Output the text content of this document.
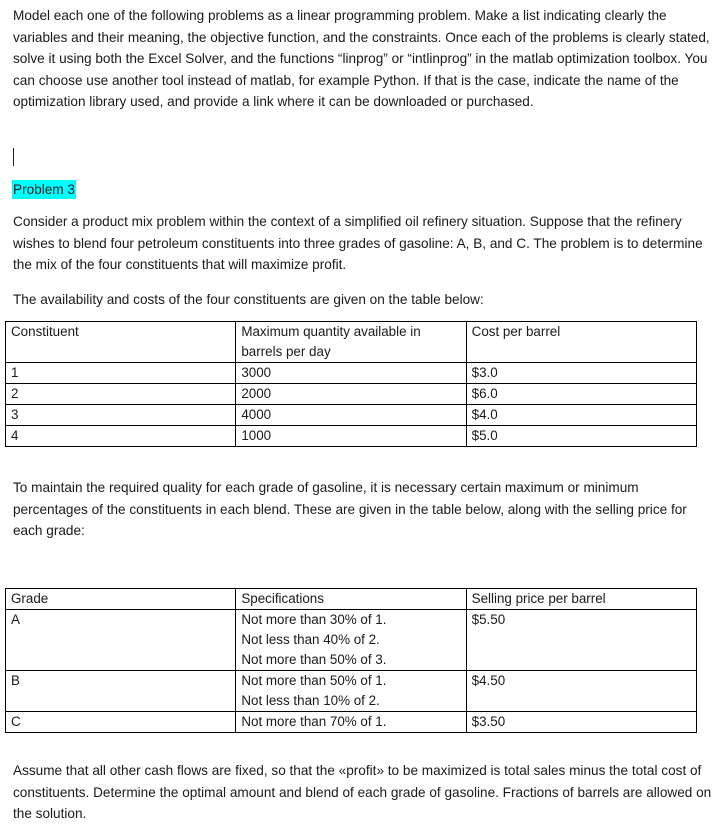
Model each one of the following problems as a linear programming problem. Make a list indicating clearly the variables and their meaning, the objective function, and the constraints. Once each of the problems is clearly stated, solve it using both the Excel Solver, and the functions “linprog” or “intlinprog” in the matlab optimization toolbox. You can choose use another tool instead of matlab, for example Python. If that is the case, indicate the name of the optimization library used, and provide a link where it can be downloaded or purchased.

Problem 3

Consider a product mix problem within the context of a simplified oil refinery situation. Suppose that the refinery wishes to blend four petroleum constituents into three grades of gasoline: A, B, and C. The problem is to determine the mix of the four constituents that will maximize profit.

The availability and costs of the four constituents are given on the table below:

Constituent	Maximum quantity available in barrels per day	Cost per barrel
1	3000	$3.0
2	2000	$6.0
3	4000	$4.0
4	1000	$5.0

To maintain the required quality for each grade of gasoline, it is necessary certain maximum or minimum percentages of the constituents in each blend. These are given in the table below, along with the selling price for each grade:

Grade	Specifications	Selling price per barrel
A	Not more than 30% of 1.
Not less than 40% of 2.
Not more than 50% of 3.	$5.50
B	Not more than 50% of 1.
Not less than 10% of 2.	$4.50
C	Not more than 70% of 1.	$3.50

Assume that all other cash flows are fixed, so that the «profit» to be maximized is total sales minus the total cost of constituents. Determine the optimal amount and blend of each grade of gasoline. Fractions of barrels are allowed on the solution.
